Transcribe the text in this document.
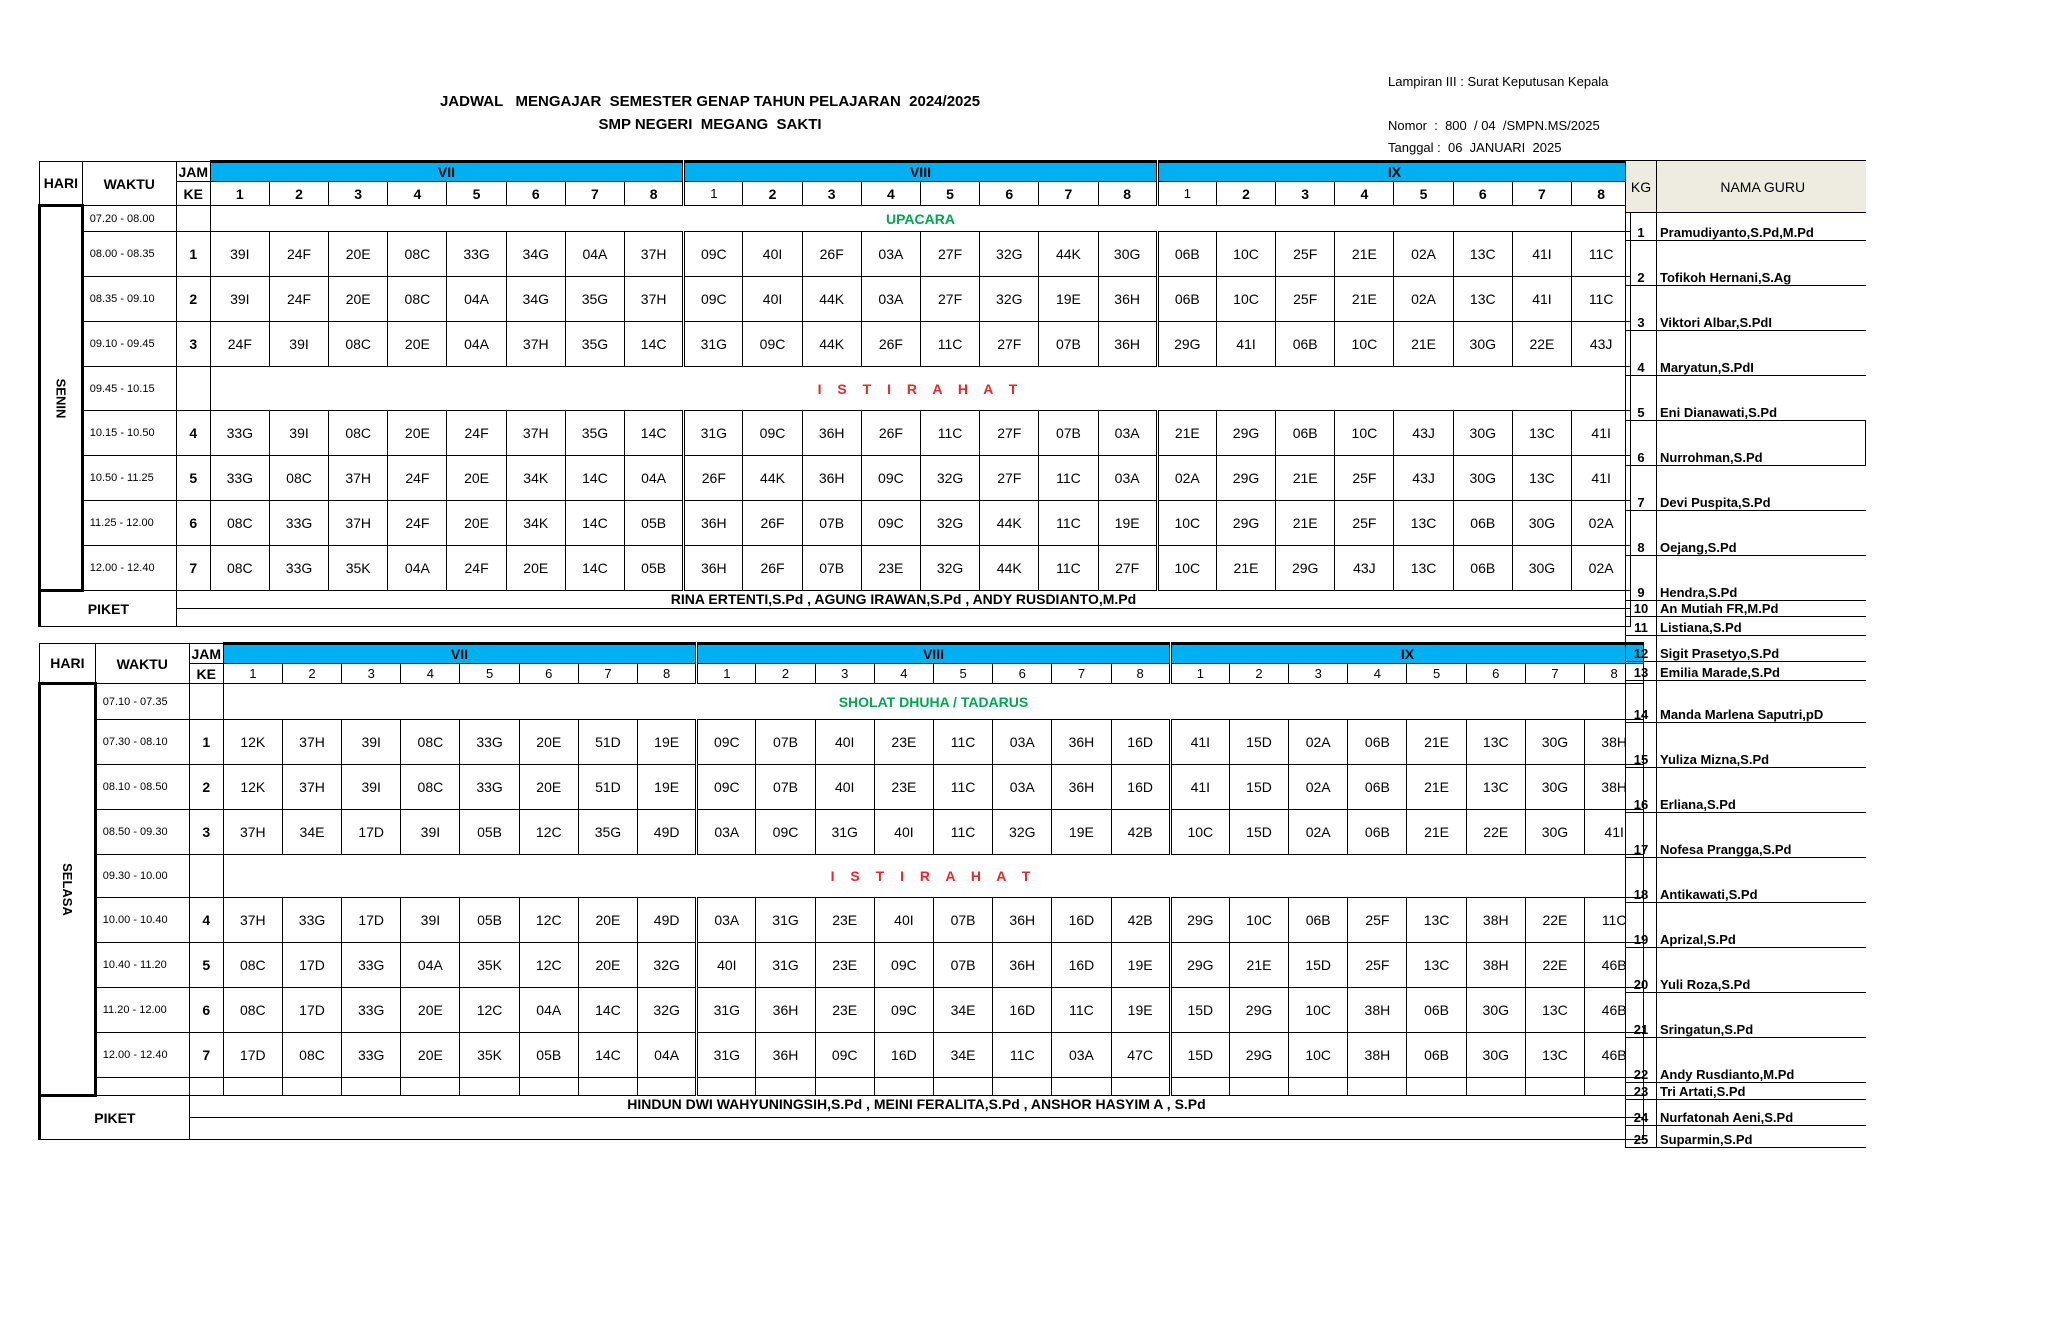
JADWAL   MENGAJAR  SEMESTER GENAP TAHUN PELAJARAN  2024/2025
SMP NEGERI  MEGANG  SAKTI
Lampiran III : Surat Keputusan Kepala
Nomor  :  800  / 04  /SMPN.MS/2025
Tanggal :  06  JANUARI  2025
HARI	WAKTU	JAM	VII								VIII								IX							
		KE	1	2	3	4	5	6	7	8	1	2	3	4	5	6	7	8	1	2	3	4	5	6	7	8
SENIN	07.20 - 08.00		UPACARA																							
	08.00 - 08.35	1	39I	24F	20E	08C	33G	34G	04A	37H	09C	40I	26F	03A	27F	32G	44K	30G	06B	10C	25F	21E	02A	13C	41I	11C
	08.35 - 09.10	2	39I	24F	20E	08C	04A	34G	35G	37H	09C	40I	44K	03A	27F	32G	19E	36H	06B	10C	25F	21E	02A	13C	41I	11C
	09.10 - 09.45	3	24F	39I	08C	20E	04A	37H	35G	14C	31G	09C	44K	26F	11C	27F	07B	36H	29G	41I	06B	10C	21E	30G	22E	43J
	09.45 - 10.15		I S T I R A H A T																							
	10.15 - 10.50	4	33G	39I	08C	20E	24F	37H	35G	14C	31G	09C	36H	26F	11C	27F	07B	03A	21E	29G	06B	10C	43J	30G	13C	41I
	10.50 - 11.25	5	33G	08C	37H	24F	20E	34K	14C	04A	26F	44K	36H	09C	32G	27F	11C	03A	02A	29G	21E	25F	43J	30G	13C	41I
	11.25 - 12.00	6	08C	33G	37H	24F	20E	34K	14C	05B	36H	26F	07B	09C	32G	44K	11C	19E	10C	29G	21E	25F	13C	06B	30G	02A
	12.00 - 12.40	7	08C	33G	35K	04A	24F	20E	14C	05B	36H	26F	07B	23E	32G	44K	11C	27F	10C	21E	29G	43J	13C	06B	30G	02A
PIKET		RINA ERTENTI,S.Pd , AGUNG IRAWAN,S.Pd , ANDY RUSDIANTO,M.Pd																								

HARI	WAKTU	JAM	VII								VIII								IX							
		KE	1	2	3	4	5	6	7	8	1	2	3	4	5	6	7	8	1	2	3	4	5	6	7	8
SELASA	07.10 - 07.35		SHOLAT DHUHA / TADARUS																							
	07.30 - 08.10	1	12K	37H	39I	08C	33G	20E	51D	19E	09C	07B	40I	23E	11C	03A	36H	16D	41I	15D	02A	06B	21E	13C	30G	38H
	08.10 - 08.50	2	12K	37H	39I	08C	33G	20E	51D	19E	09C	07B	40I	23E	11C	03A	36H	16D	41I	15D	02A	06B	21E	13C	30G	38H
	08.50 - 09.30	3	37H	34E	17D	39I	05B	12C	35G	49D	03A	09C	31G	40I	11C	32G	19E	42B	10C	15D	02A	06B	21E	22E	30G	41I
	09.30 - 10.00		I S T I R A H A T																							
	10.00 - 10.40	4	37H	33G	17D	39I	05B	12C	20E	49D	03A	31G	23E	40I	07B	36H	16D	42B	29G	10C	06B	25F	13C	38H	22E	11C
	10.40 - 11.20	5	08C	17D	33G	04A	35K	12C	20E	32G	40I	31G	23E	09C	07B	36H	16D	19E	29G	21E	15D	25F	13C	38H	22E	46B
	11.20 - 12.00	6	08C	17D	33G	20E	12C	04A	14C	32G	31G	36H	23E	09C	34E	16D	11C	19E	15D	29G	10C	38H	06B	30G	13C	46B
	12.00 - 12.40	7	17D	08C	33G	20E	35K	05B	14C	04A	31G	36H	09C	16D	34E	11C	03A	47C	15D	29G	10C	38H	06B	30G	13C	46B

PIKET		HINDUN DWI WAHYUNINGSIH,S.Pd , MEINI FERALITA,S.Pd , ANSHOR HASYIM A , S.Pd																								

KG	NAMA GURU
1	Pramudiyanto,S.Pd,M.Pd
2	Tofikoh Hernani,S.Ag
3	Viktori Albar,S.PdI
4	Maryatun,S.PdI
5	Eni Dianawati,S.Pd
6	Nurrohman,S.Pd
7	Devi Puspita,S.Pd
8	Oejang,S.Pd
9	Hendra,S.Pd
10	An Mutiah FR,M.Pd
11	Listiana,S.Pd
12	Sigit Prasetyo,S.Pd
13	Emilia Marade,S.Pd
14	Manda Marlena Saputri,pD
15	Yuliza Mizna,S.Pd
16	Erliana,S.Pd
17	Nofesa Prangga,S.Pd
18	Antikawati,S.Pd
19	Aprizal,S.Pd
20	Yuli Roza,S.Pd
21	Sringatun,S.Pd
22	Andy Rusdianto,M.Pd
23	Tri Artati,S.Pd
24	Nurfatonah Aeni,S.Pd
25	Suparmin,S.Pd
